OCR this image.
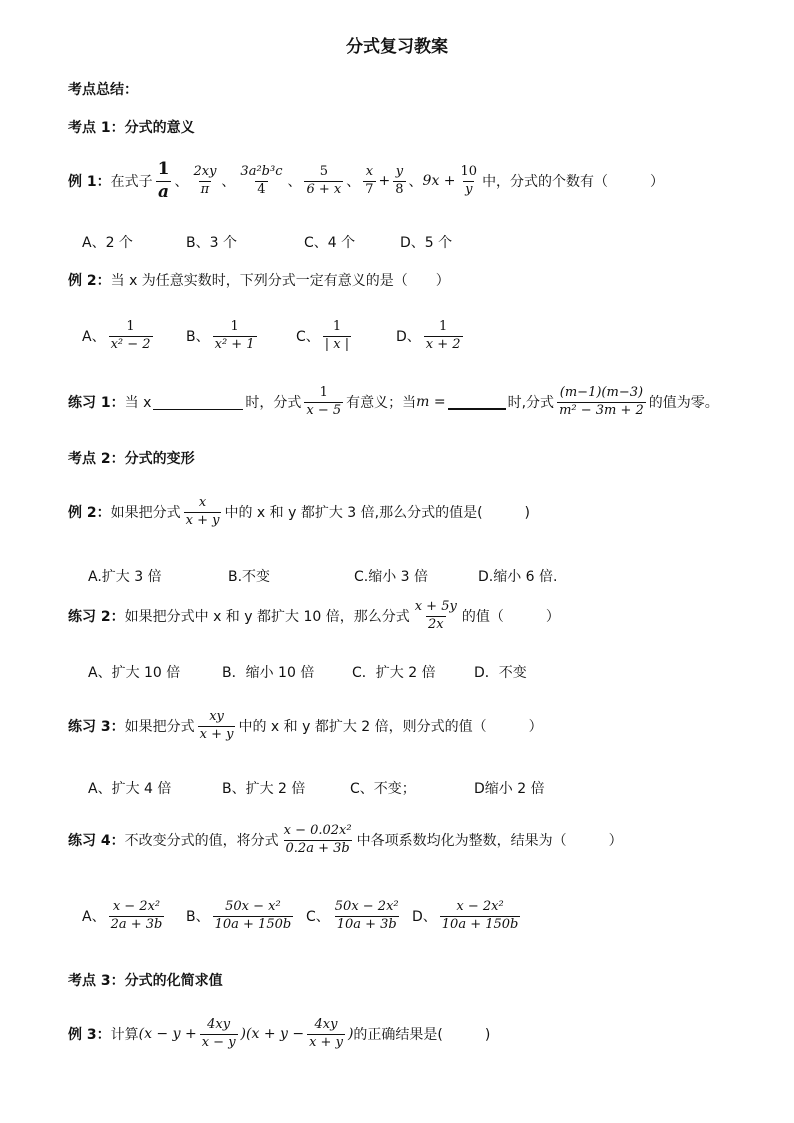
分式复习教案
考点总结：
考点 1：分式的意义
例 1： 在式子 $\frac{1}{a}$ 、 $\frac{2xy}{\pi}$ 、 $\frac{\text{3a²b³c}}{4}$ 、 $\frac{5}{6 + x}$ 、 $\frac{x}{7} + \frac{y}{8}$ 、 $9x + \frac{10}{y}$ 中，分式的个数有（　　　）
A、2 个	B、3 个	C、4 个	D、5 个
例 2： 当 x 为任意实数时，下列分式一定有意义的是（　　）
A、 $\frac{1}{\text{x² − 2}}$ B、 $\frac{1}{\text{x² + 1}}$	C、 $\frac{1}{| x |}$	D、 $\frac{1}{x + 2}$
练习 1： 当 x	时，分式 $\frac{1}{x - 5}$ 有意义；当 m =	时,分式 $\frac{(m-1)(m-3)}{\text{m² − 3m + 2}}$ 的值为零。
考点 2：分式的变形
例 2： 如果把分式 $\frac{x}{x + y}$ 中的 x 和 y 都扩大 3 倍,那么分式的值是(　　　)
A.扩大 3 倍	B.不变	C.缩小 3 倍	D.缩小 6 倍.
练习 2： 如果把分式中 x 和 y 都扩大 10 倍，那么分式 $\frac{x + 5y}{2x}$ 的值（　　　）
A、扩大 10 倍	B．缩小 10 倍	C．扩大 2 倍	D．不变
练习 3： 如果把分式 $\frac{xy}{x + y}$ 中的 x 和 y 都扩大 2 倍，则分式的值（　　　）
A、扩大 4 倍	B、扩大 2 倍	C、不变；	D缩小 2 倍
练习 4： 不改变分式的值，将分式 $\frac{\text{x − 0.02x²}}{0.2a + 3b}$ 中各项系数均化为整数，结果为（　　　）
A、 $\frac{\text{x − 2x²}}{2a + 3b}$ B、 $\frac{\text{50x − x²}}{10a + 150b}$ C、 $\frac{\text{50x − 2x²}}{10a + 3b}$ D、 $\frac{\text{x − 2x²}}{10a + 150b}$
考点 3：分式的化简求值
例 3： 计算 $(x - y + \frac{4xy}{x - y} )(x + y - \frac{4xy}{x + y}$ ) 的正确结果是(　　　)
